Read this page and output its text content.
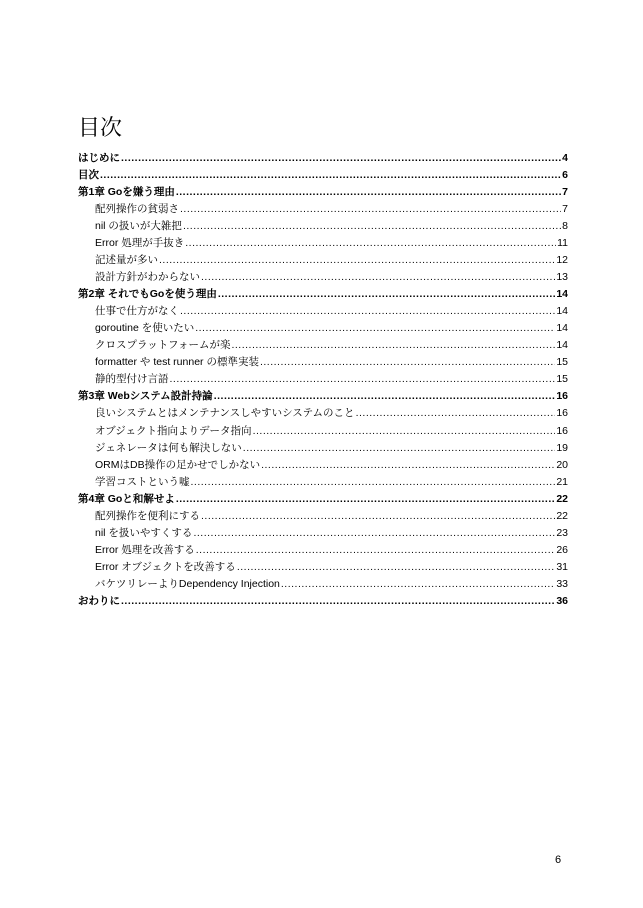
目次
はじめに .....	4
目次 .....	6
第1章 Goを嫌う理由 .....	7
配列操作の貧弱さ .....	7
nil の扱いが大雑把 .....	8
Error 処理が手抜き .....	11
記述量が多い .....	12
設計方針がわからない .....	13
第2章 それでもGoを使う理由 .....	14
仕事で仕方がなく .....	14
goroutine を使いたい .....	14
クロスプラットフォームが楽 .....	14
formatter や test runner の標準実装 .....	15
静的型付け言語 .....	15
第3章 Webシステム設計持論 .....	16
良いシステムとはメンテナンスしやすいシステムのこと .....	16
オブジェクト指向よりデータ指向 .....	16
ジェネレータは何も解決しない .....	19
ORMはDB操作の足かせでしかない .....	20
学習コストという嘘 .....	21
第4章 Goと和解せよ .....	22
配列操作を便利にする .....	22
nil を扱いやすくする .....	23
Error 処理を改善する .....	26
Error オブジェクトを改善する .....	31
バケツリレーよりDependency Injection .....	33
おわりに .....	36
6
